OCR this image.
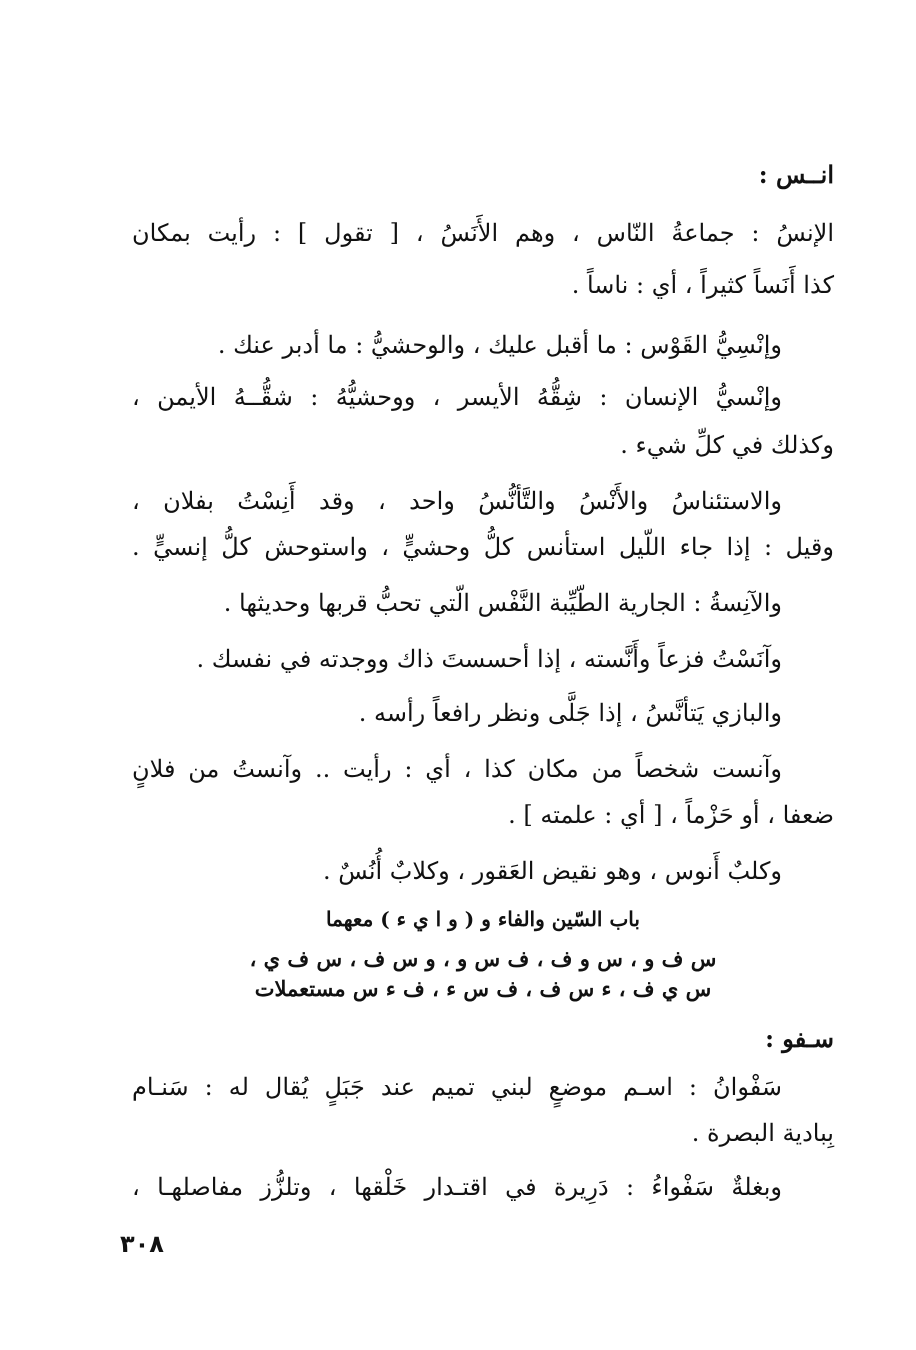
انــس :
الإنسُ : جماعةُ النّاس ، وهم الأَنَسُ ، [ تقول ] : رأيت بمكان
كذا أَنَساً كثيراً ، أي : ناساً .
وإنْسِيُّ القَوْس : ما أقبل عليك ، والوحشيُّ : ما أدبر عنك .
وإنْسيُّ الإنسان : شِقُّهُ الأيسر ، ووحشيُّهُ : شقُّــهُ الأيمن ،
وكذلك في كلِّ شيء .
والاستئناسُ والأَنْسُ والتَّأنُّسُ واحد ، وقد أَنِسْتُ بفلان ،
وقيل : إذا جاء اللّيل استأنس كلُّ وحشيٍّ ، واستوحش كلُّ إنسيٍّ .
والآنِسةُ : الجارية الطّيِّبة النَّفْس الّتي تحبُّ قربها وحديثها .
وآنَسْتُ فزعاً وأَنَّسته ، إذا أحسستَ ذاك ووجدته في نفسك .
والبازي يَتأنَّسُ ، إذا جَلَّى ونظر رافعاً رأسه .
وآنست شخصاً من مكان كذا ، أي : رأيت .. وآنستُ من فلانٍ
ضعفا ، أو حَزْماً ، [ أي : علمته ] .
وكلبٌ أَنوس ، وهو نقيض العَقور ، وكلابٌ أُنُسٌ .
باب السّين والفاء و ( و ا ي ء ) معهما
س ف و ، س و ف ، ف س و ، و س ف ، س ف ي ،
س ي ف ، ء س ف ، ف س ء ، ف ء س مستعملات
سـفو :
سَفْوانُ : اسـم موضعٍ لبني تميم عند جَبَلٍ يُقال له : سَنـام
بِبادية البصرة .
وبغلةٌ سَفْواءُ : دَرِيرة في اقتـدار خَلْقها ، وتلزُّز مفاصلهـا ،
٣٠٨
